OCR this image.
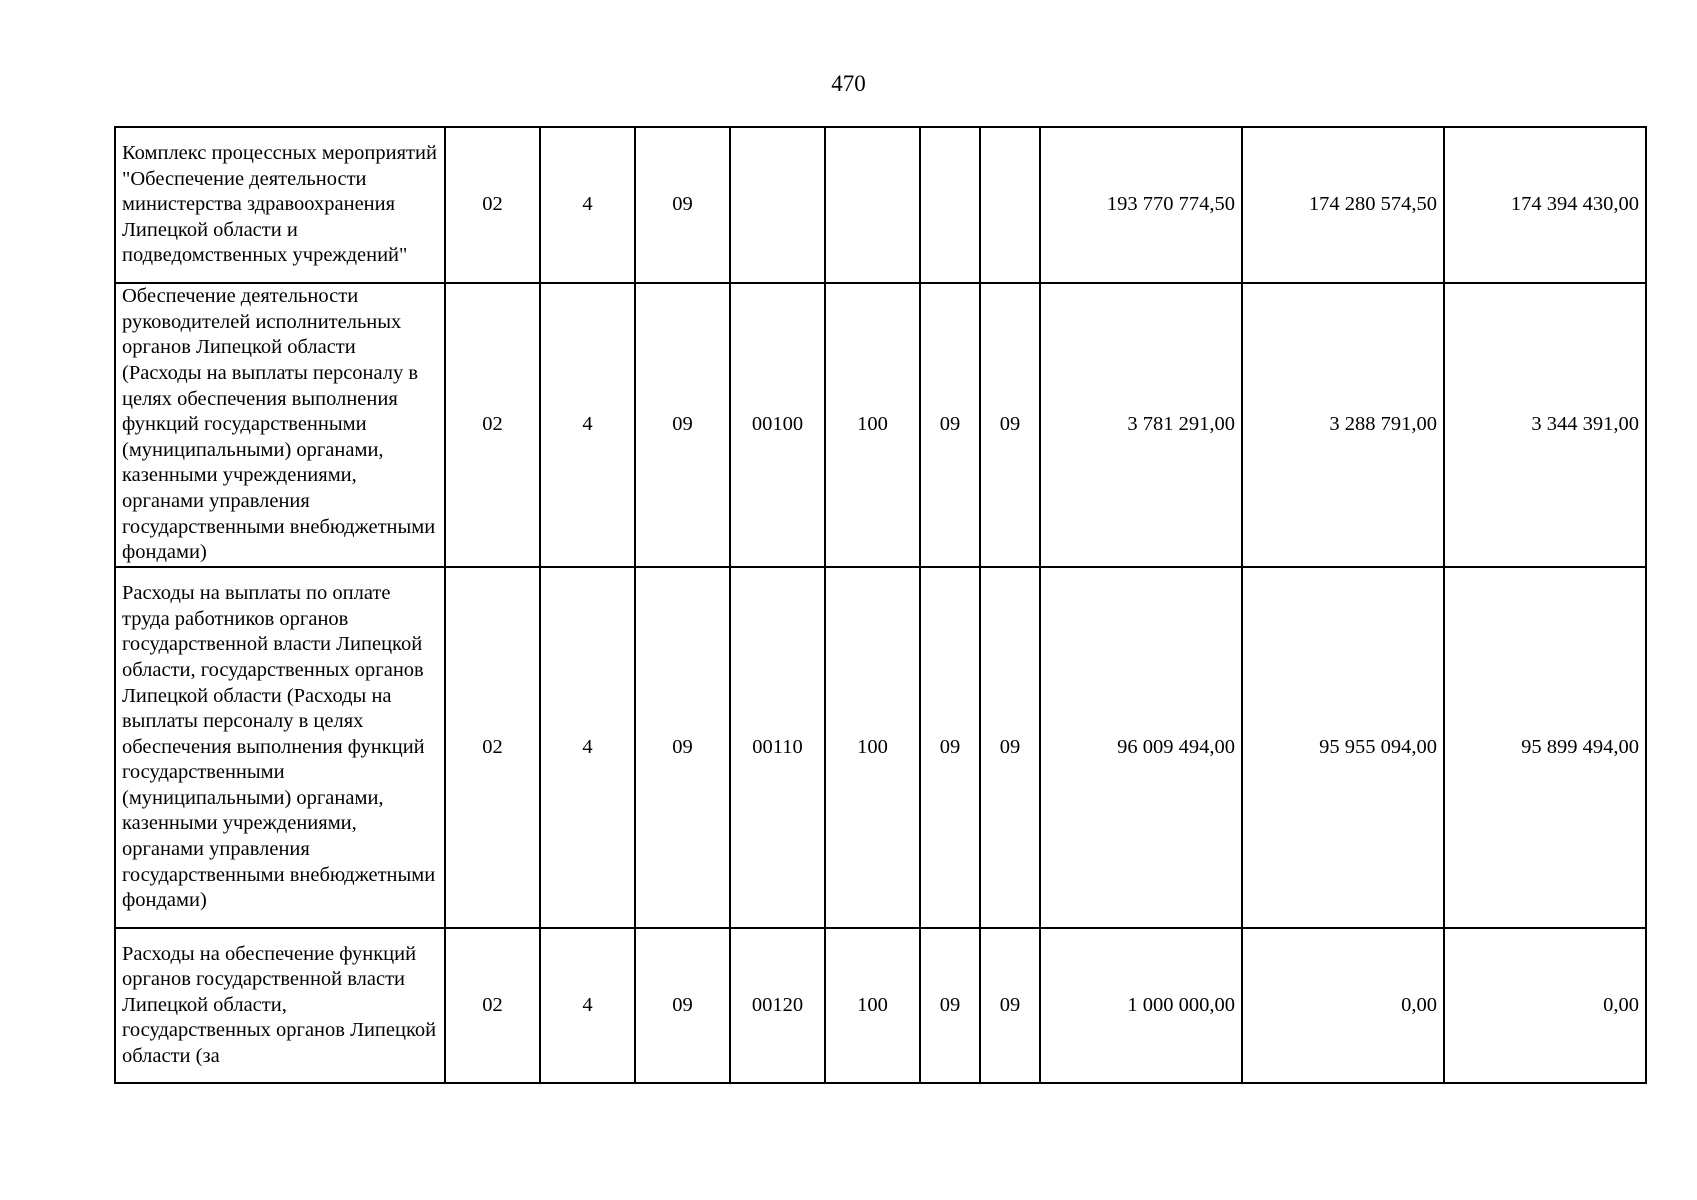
470
Комплекс процессных мероприятий "Обеспечение деятельности министерства здравоохранения Липецкой области и подведомственных учреждений"	02	4	09					193 770 774,50	174 280 574,50	174 394 430,00
Обеспечение деятельности руководителей исполнительных органов Липецкой области (Расходы на выплаты персоналу в целях обеспечения выполнения функций государственными (муниципальными) органами, казенными учреждениями, органами управления государственными внебюджетными фондами)	02	4	09	00100	100	09	09	3 781 291,00	3 288 791,00	3 344 391,00
Расходы на выплаты по оплате труда работников органов государственной власти Липецкой области, государственных органов Липецкой области (Расходы на выплаты персоналу в целях обеспечения выполнения функций государственными (муниципальными) органами, казенными учреждениями, органами управления государственными внебюджетными фондами)	02	4	09	00110	100	09	09	96 009 494,00	95 955 094,00	95 899 494,00

Расходы на обеспечение функций органов государственной власти Липецкой области, государственных органов Липецкой области (за	02	4	09	00120	100	09	09	1 000 000,00	0,00	0,00
